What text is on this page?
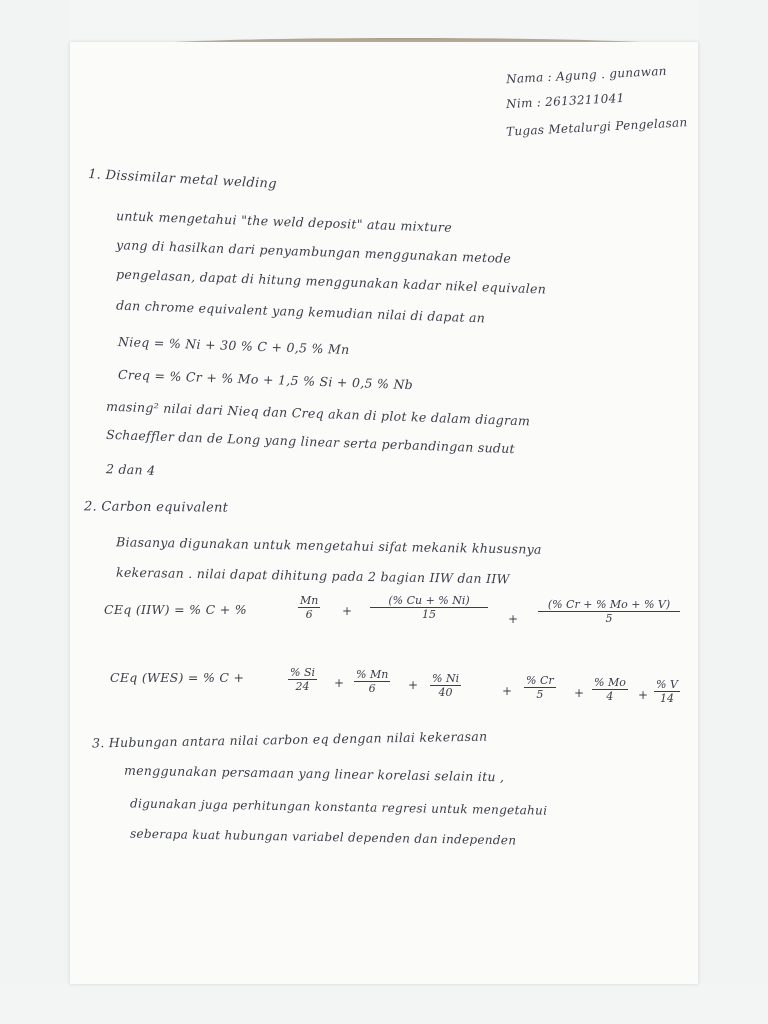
Nama : Agung . gunawan
Nim : 2613211041
Tugas Metalurgi Pengelasan
1. Dissimilar metal welding
untuk mengetahui "the weld deposit" atau mixture
yang di hasilkan dari penyambungan menggunakan metode
pengelasan, dapat di hitung menggunakan kadar nikel equivalen
dan chrome equivalent yang kemudian nilai di dapat an
Nieq = % Ni + 30 % C + 0,5 % Mn
Creq = % Cr + % Mo + 1,5 % Si + 0,5 % Nb
masing² nilai dari Nieq dan Creq akan di plot ke dalam diagram
Schaeffler dan de Long yang linear serta perbandingan sudut
2 dan 4
2. Carbon equivalent
Biasanya digunakan untuk mengetahui sifat mekanik khususnya
kekerasan . nilai dapat dihitung pada 2 bagian IIW dan IIW
CEq (IIW) = % C + %	$\frac{Mn}{6} + \frac{(\% Cu + \% Ni)}{15} + \frac{(\% Cr + \% Mo + \% V)}{5}$
CEq (WES) = % C +	$\frac{\% Si}{24} + \frac{\% Mn}{6} + \frac{\% Ni}{40}$	+ $\frac{\% Cr}{5} + \frac{\% Mo}{4} + \frac{\% V}{14}$
3. Hubungan antara nilai carbon eq dengan nilai kekerasan
menggunakan persamaan yang linear korelasi selain itu ,
digunakan juga perhitungan konstanta regresi untuk mengetahui
seberapa kuat hubungan variabel dependen dan independen
